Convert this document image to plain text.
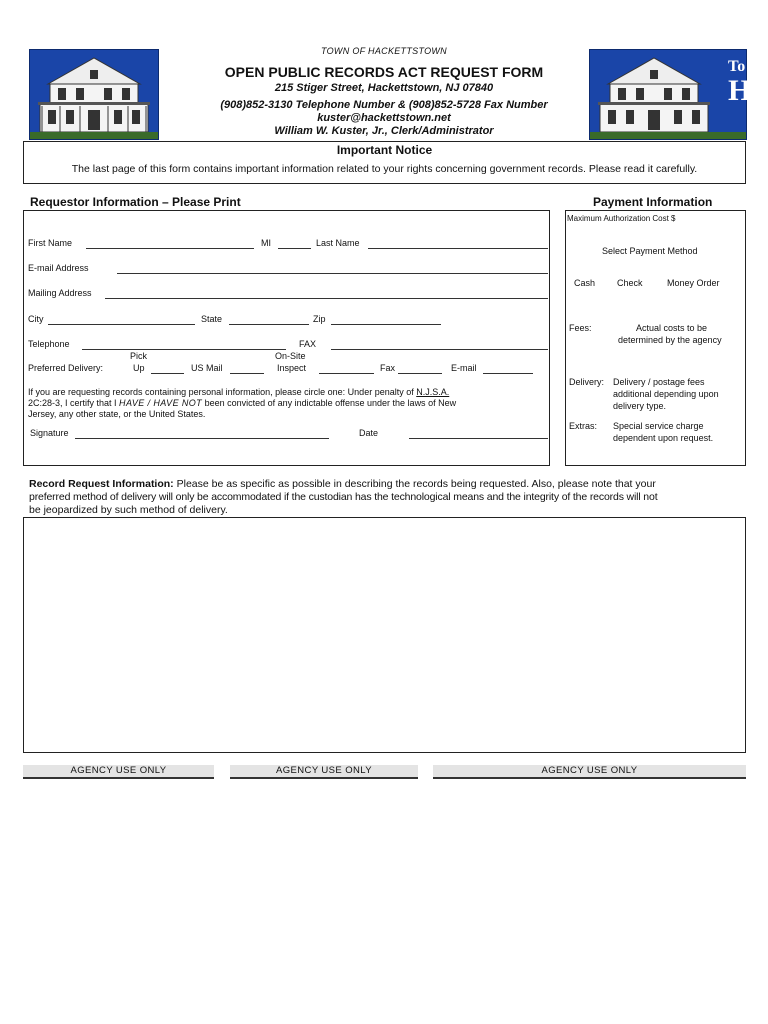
To
H
TOWN OF HACKETTSTOWN
OPEN PUBLIC RECORDS ACT REQUEST FORM
215 Stiger Street, Hackettstown, NJ 07840
(908)852-3130 Telephone Number & (908)852-5728 Fax Number
kuster@hackettstown.net
William W. Kuster, Jr., Clerk/Administrator
Important Notice
The last page of this form contains important information related to your rights concerning government records. Please read it carefully.
Requestor Information – Please Print
First Name	MI	Last Name
E-mail Address
Mailing Address
City	State	Zip
Telephone	FAX
Pick	On-Site
Preferred Delivery:	Up	US Mail	Inspect	Fax	E-mail
If you are requesting records containing personal information, please circle one: Under penalty of N.J.S.A.
2C:28-3, I certify that I HAVE / HAVE NOT been convicted of any indictable offense under the laws of New
Jersey, any other state, or the United States.
Signature	Date
Payment Information
Maximum Authorization Cost $
Select Payment Method
Cash Check	Money Order
Fees:	Actual costs to be
determined by the agency
Delivery: Delivery / postage fees
additional depending upon
delivery type.
Extras: Special service charge
dependent upon request.
Record Request Information: Please be as specific as possible in describing the records being requested. Also, please note that your
preferred method of delivery will only be accommodated if the custodian has the technological means and the integrity of the records will not
be jeopardized by such method of delivery.
AGENCY USE ONLY	AGENCY USE ONLY	AGENCY USE ONLY
